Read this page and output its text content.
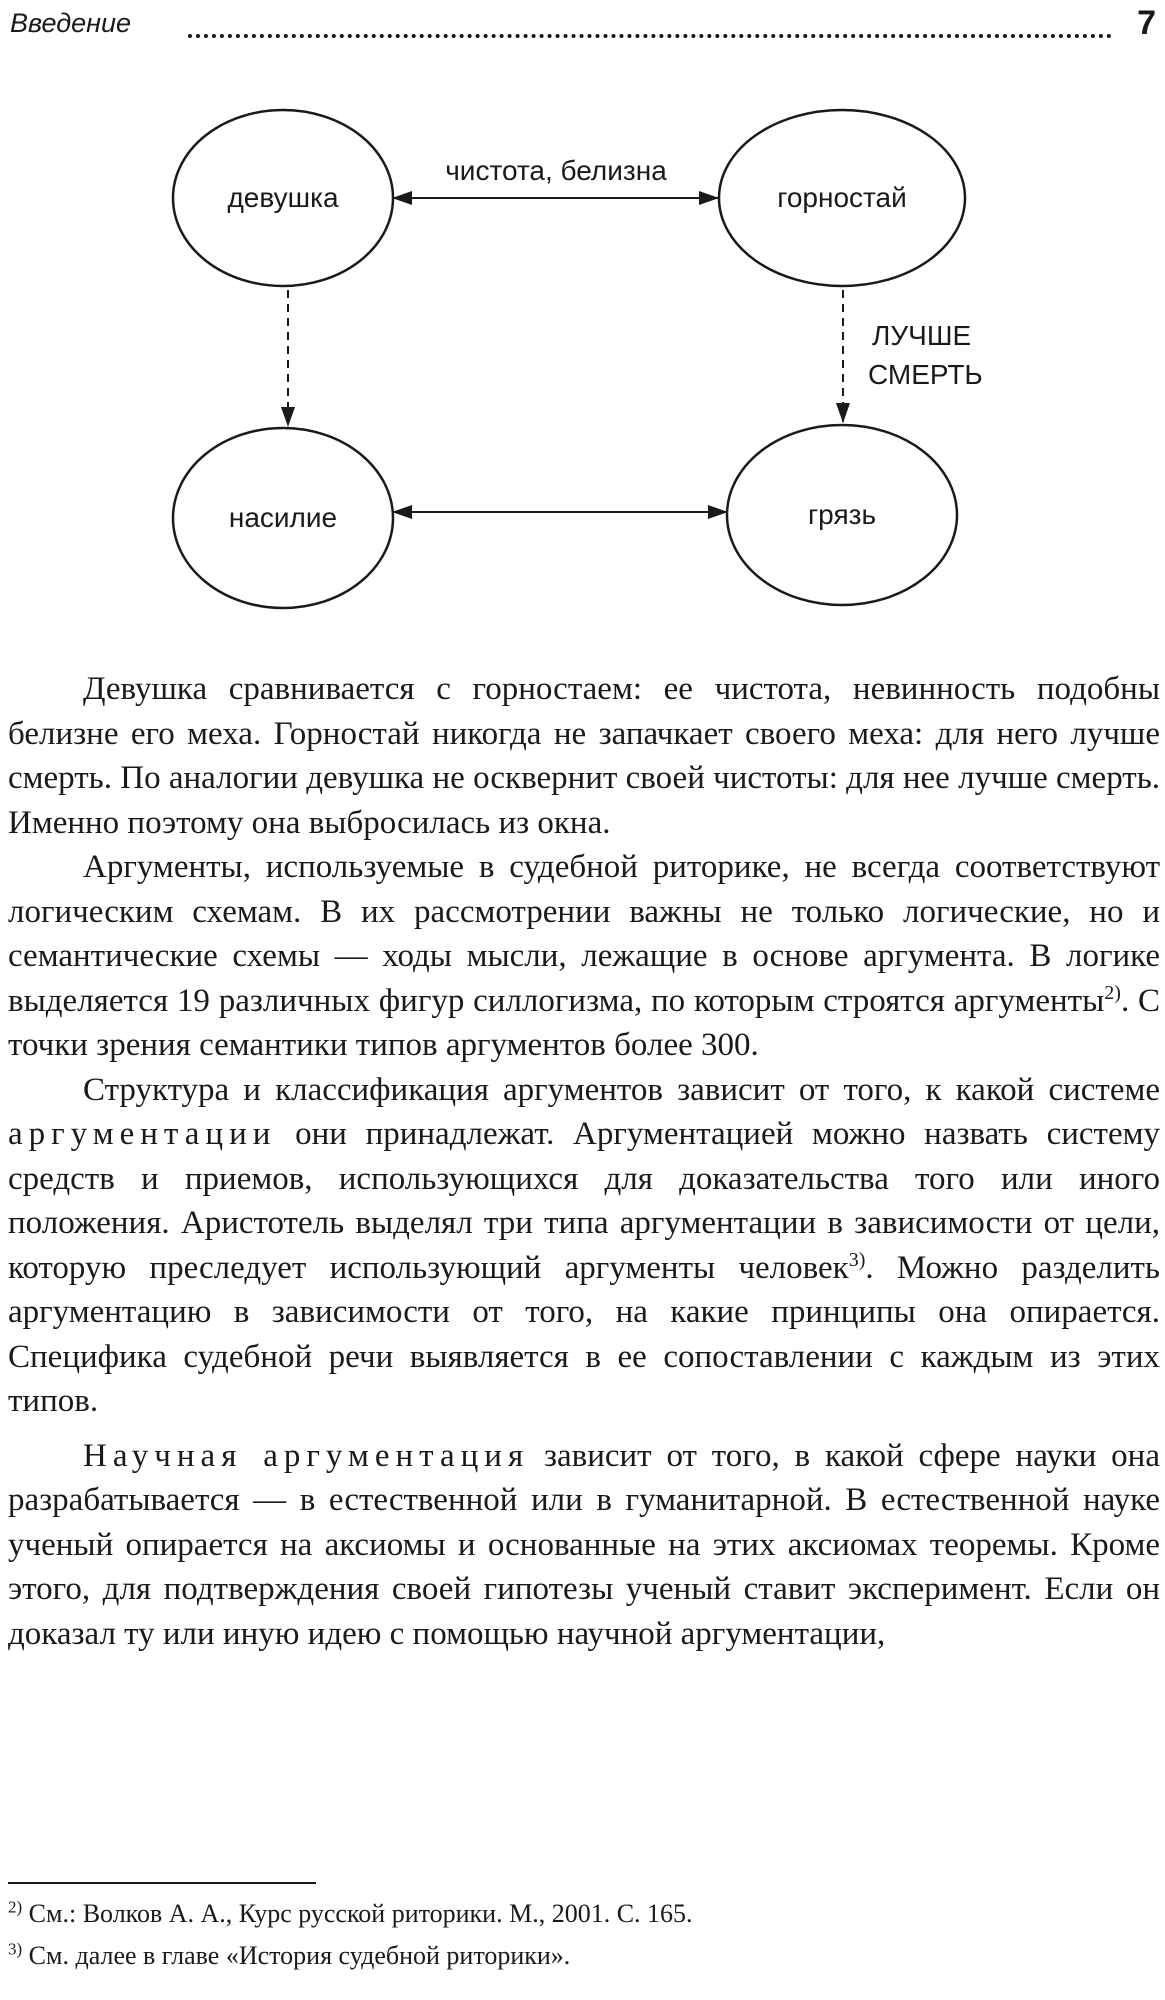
Введение	7
девушка	горностай
насилие	грязь
чистота, белизна
ЛУЧШЕ
СМЕРТЬ

Девушка сравнивается с горностаем: ее чистота, невинность подобны белизне его меха. Горностай никогда не запачкает своего меха: для него лучше смерть. По аналогии девушка не осквернит своей чистоты: для нее лучше смерть. Именно поэтому она выбросилась из окна.

Аргументы, используемые в судебной риторике, не всегда соответствуют логическим схемам. В их рассмотрении важны не только логические, но и семантические схемы — ходы мысли, лежащие в основе аргумента. В логике выделяется 19 различных фигур силлогизма, по которым строятся аргументы$^{2)}$. С точки зрения семантики типов аргументов более 300.

Структура и классификация аргументов зависит от того, к какой системе аргументации они принадлежат. Аргументацией можно назвать систему средств и приемов, использующихся для доказательства того или иного положения. Аристотель выделял три типа аргументации в зависимости от цели, которую преследует использующий аргументы человек$^{3)}$. Можно разделить аргументацию в зависимости от того, на какие принципы она опирается. Специфика судебной речи выявляется в ее сопоставлении с каждым из этих типов.

Научная аргументация зависит от того, в какой сфере науки она разрабатывается — в естественной или в гуманитарной. В естественной науке ученый опирается на аксиомы и основанные на этих аксиомах теоремы. Кроме этого, для подтверждения своей гипотезы ученый ставит эксперимент. Если он доказал ту или иную идею с помощью научной аргументации,

$^{2)}$ См.: Волков А. А., Курс русской риторики. М., 2001. С. 165.
$^{3)}$ См. далее в главе «История судебной риторики».
